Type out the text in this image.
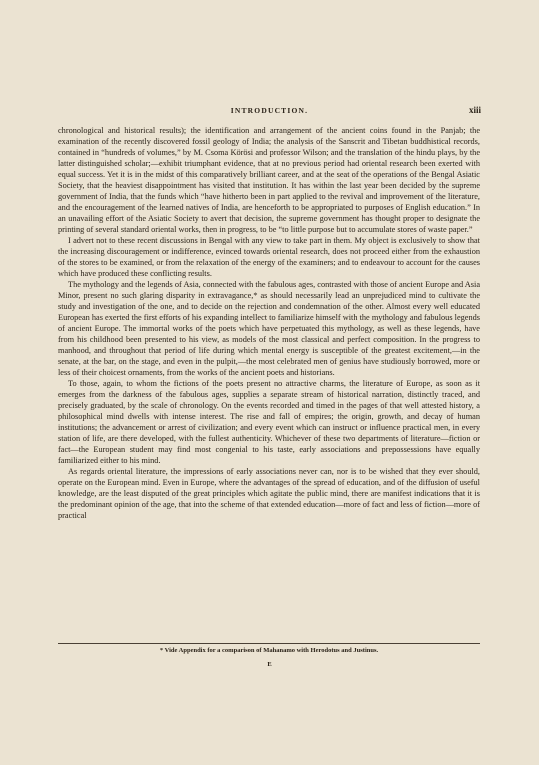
INTRODUCTION.	xiii

chronological and historical results); the identification and arrangement of the ancient coins found in the Panjab; the examination of the recently discovered fossil geology of India; the analysis of the Sanscrit and Tibetan buddhistical records, contained in “hundreds of volumes,” by M. Csoma Körösi and professor Wilson; and the translation of the hindu plays, by the latter distinguished scholar;—exhibit triumphant evidence, that at no previous period had oriental research been exerted with equal success. Yet it is in the midst of this comparatively brilliant career, and at the seat of the operations of the Bengal Asiatic Society, that the heaviest disappointment has visited that institution. It has within the last year been decided by the supreme government of India, that the funds which “have hitherto been in part applied to the revival and improvement of the literature, and the encouragement of the learned natives of India, are henceforth to be appropriated to purposes of English education.” In an unavailing effort of the Asiatic Society to avert that decision, the supreme government has thought proper to designate the printing of several standard oriental works, then in progress, to be “to little purpose but to accumulate stores of waste paper.”

I advert not to these recent discussions in Bengal with any view to take part in them. My object is exclusively to show that the increasing discouragement or indifference, evinced towards oriental research, does not proceed either from the exhaustion of the stores to be examined, or from the relaxation of the energy of the examiners; and to endeavour to account for the causes which have produced these conflicting results.

The mythology and the legends of Asia, connected with the fabulous ages, contrasted with those of ancient Europe and Asia Minor, present no such glaring disparity in extravagance,* as should necessarily lead an unprejudiced mind to cultivate the study and investigation of the one, and to decide on the rejection and condemnation of the other. Almost every well educated European has exerted the first efforts of his expanding intellect to familiarize himself with the mythology and fabulous legends of ancient Europe. The immortal works of the poets which have perpetuated this mythology, as well as these legends, have from his childhood been presented to his view, as models of the most classical and perfect composition. In the progress to manhood, and throughout that period of life during which mental energy is susceptible of the greatest excitement,—in the senate, at the bar, on the stage, and even in the pulpit,—the most celebrated men of genius have studiously borrowed, more or less of their choicest ornaments, from the works of the ancient poets and historians.

To those, again, to whom the fictions of the poets present no attractive charms, the literature of Europe, as soon as it emerges from the darkness of the fabulous ages, supplies a separate stream of historical narration, distinctly traced, and precisely graduated, by the scale of chronology. On the events recorded and timed in the pages of that well attested history, a philosophical mind dwells with intense interest. The rise and fall of empires; the origin, growth, and decay of human institutions; the advancement or arrest of civilization; and every event which can instruct or influence practical men, in every station of life, are there developed, with the fullest authenticity. Whichever of these two departments of literature—fiction or fact—the European student may find most congenial to his taste, early associations and prepossessions have equally familiarized either to his mind.

As regards oriental literature, the impressions of early associations never can, nor is to be wished that they ever should, operate on the European mind. Even in Europe, where the advantages of the spread of education, and of the diffusion of useful knowledge, are the least disputed of the great principles which agitate the public mind, there are manifest indications that it is the predominant opinion of the age, that into the scheme of that extended education—more of fact and less of fiction—more of practical

* Vide Appendix for a comparison of Mahanamo with Herodotus and Justinus.
E
